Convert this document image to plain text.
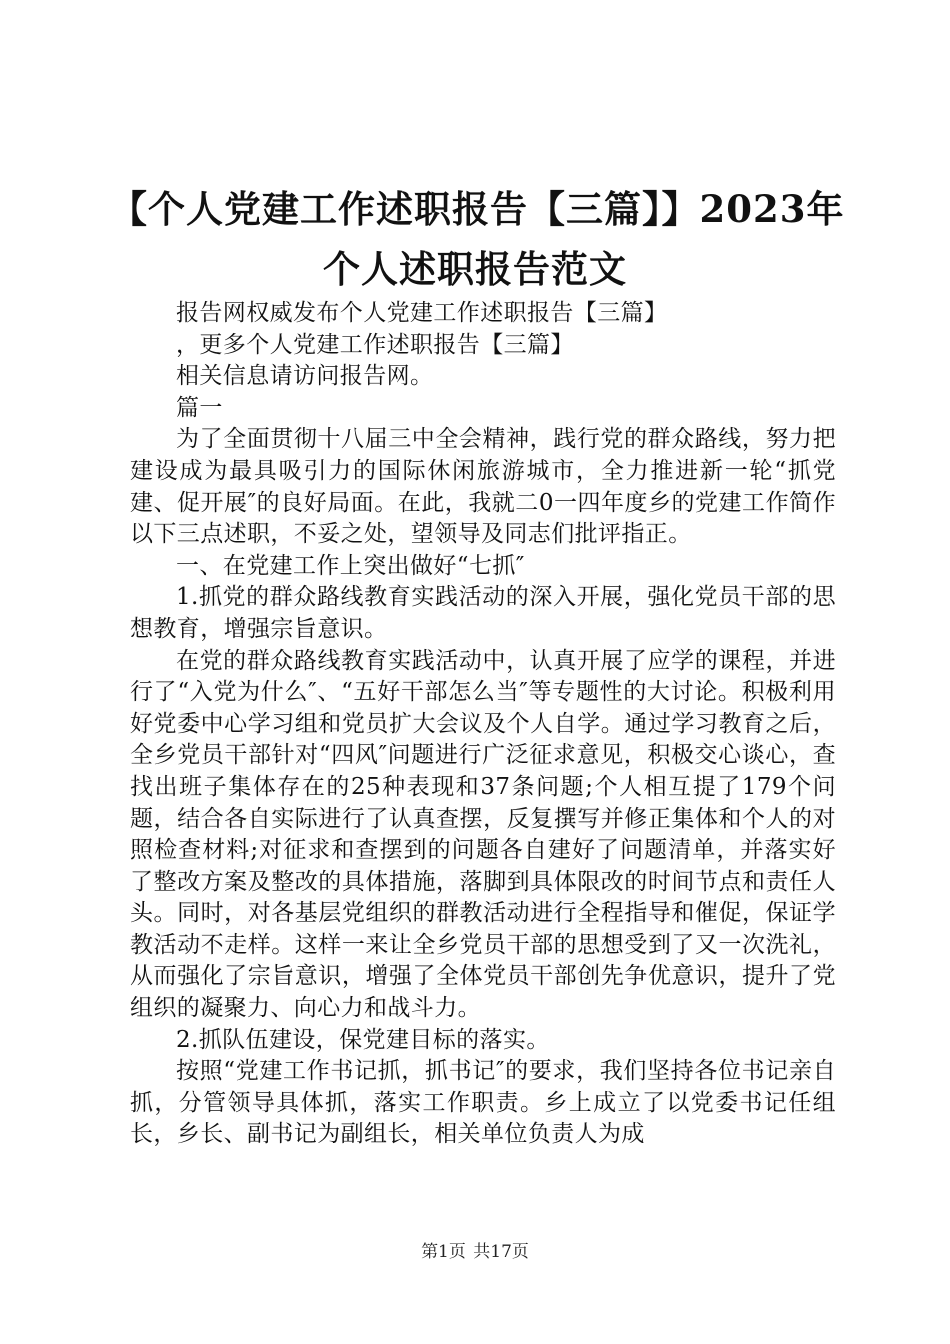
【个人党建工作述职报告【三篇】】2023年
个人述职报告范文

报告网权威发布个人党建工作述职报告【三篇】

，更多个人党建工作述职报告【三篇】

相关信息请访问报告网。

篇一

为了全面贯彻十八届三中全会精神，践行党的群众路线，努力把建设成为最具吸引力的国际休闲旅游城市，全力推进新一轮“抓党建、促开展″的良好局面。在此，我就二0一四年度乡的党建工作简作以下三点述职，不妥之处，望领导及同志们批评指正。

一、在党建工作上突出做好“七抓″

1.抓党的群众路线教育实践活动的深入开展，强化党员干部的思想教育，增强宗旨意识。

在党的群众路线教育实践活动中，认真开展了应学的课程，并进行了“入党为什么″、“五好干部怎么当″等专题性的大讨论。积极利用好党委中心学习组和党员扩大会议及个人自学。通过学习教育之后，全乡党员干部针对“四风″问题进行广泛征求意见，积极交心谈心，查找出班子集体存在的25种表现和37条问题;个人相互提了179个问题，结合各自实际进行了认真查摆，反复撰写并修正集体和个人的对照检查材料;对征求和查摆到的问题各自建好了问题清单，并落实好了整改方案及整改的具体措施，落脚到具体限改的时间节点和责任人头。同时，对各基层党组织的群教活动进行全程指导和催促，保证学教活动不走样。这样一来让全乡党员干部的思想受到了又一次洗礼，从而强化了宗旨意识，增强了全体党员干部创先争优意识，提升了党组织的凝聚力、向心力和战斗力。

2.抓队伍建设，保党建目标的落实。

按照“党建工作书记抓，抓书记″的要求，我们坚持各位书记亲自抓，分管领导具体抓，落实工作职责。乡上成立了以党委书记任组长，乡长、副书记为副组长，相关单位负责人为成

第1页 共17页
